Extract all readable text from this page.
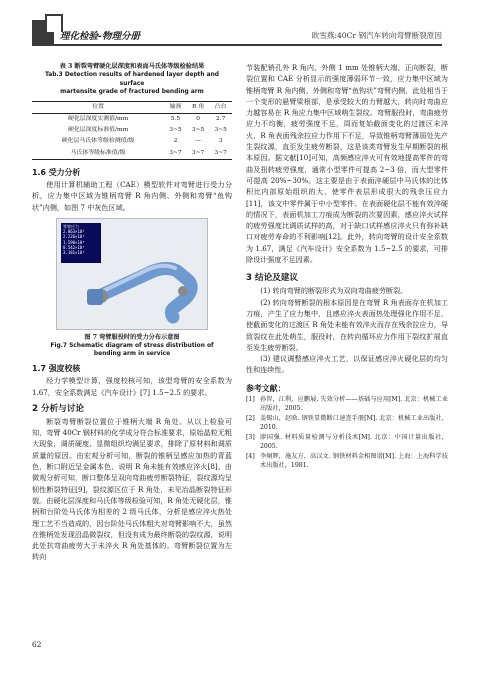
理化检验-物理分册	欧雪燕:40Cr 钢汽车转向弯臂断裂原因
表 3 断裂弯臂硬化层深度和表面马氏体等级检验结果
Tab.3 Detection results of hardened layer depth and surface
martensite grade of fractured bending arm
位置	轴颈	R 角	凸台
硬化层深度实测值/mm	5.5	0	2.7
硬化层深度标准值/mm	3~5	3~5	3~5
硬化层马氏体等级检测值/级	2	—	3
马氏体等级标准值/级	3~7	3~7	3~7
1.6 受力分析

使用计算机辅助工程（CAE）模型软件对弯臂进行受力分析，应力集中区域为锥柄弯臂 R 角内侧、外侧和弯臂“鱼钩状”内侧，如图 7 中灰色区域。

等效应力
2.863×10⁸
2.226×10⁸
1.590×10⁸
0.542×10⁸
3.181×10⁸
图 7 弯臂服役时的受力分布示意图
Fig.7 Schematic diagram of stress distribution of
bending arm in service
1.7 强度校核

经力学模型计算，强度校核可知，该型弯臂的安全系数为 1.67，安全系数满足《汽车设计》[7] 1.5~2.5 的要求。

2 分析与讨论

断裂弯臂断裂位置位于锥柄大端 R 角处。从以上检验可知，弯臂 40Cr 钢材料的化学成分符合标准要求，原始晶粒无粗大现象，调质硬度、显微组织均满足要求，排除了原材料和调质质量的原因。由宏观分析可知，断裂的锥柄呈感应加热的青蓝色，断口附近呈金属本色，说明 R 角未能有效感应淬火[8]。由微观分析可知，断口整体呈双向弯曲疲劳断裂特征，裂纹源均呈韧性断裂特征[9]，裂纹源区位于 R 角处，未见冶晶断裂特征形貌。由硬化层深度和马氏体等级检验可知，R 角处无硬化层，锥柄和台阶处马氏体为相差的 2 级马氏体，分析是感应淬火热处理工艺不当造成的，因台阶处马氏体粗大对弯臂影响不大，虽然在锥柄处发现沿晶微裂纹，但没有成为最终断裂的裂纹源，说明此处抗弯曲疲劳大于未淬火 R 角处基体的。弯臂断裂位置为左转向

62

节装配销孔外 R 角内、外侧 1 mm 处锥柄大端、正向断裂，断裂位置和 CAE 分析显示的强度薄弱环节一致，应力集中区域为锥柄弯臂 R 角内侧、外侧和弯臂“鱼钩状”弯臂内侧，此处相当于一个变形的悬臂梁根部，是承受较大的力臂越大，转向时弯曲应力越容易在 R 角应力集中区域萌生裂纹。弯臂服役时，弯曲疲劳应力不均衡，疲劳强度不足，周而复始截面变化的过渡区未淬火，R 角表面残余拉应力作用下不足，导致锥柄弯臂薄弱处先产生裂纹源，直至发生疲劳断裂，这是该类弯臂发生早期断裂的根本原因。据文献[10]可知，高频感应淬火可有效地提高零件的弯曲及扭转疲劳强度，通常小型零件可提高 2~3 倍，而大型零件可提高 20%~30%。这主要是由于表面淬硬层中马氏体的比体积比内部原始组织的大，使零件表层形成很大的残余压应力[11]，该文中零件属于中小型零件。在表面硬化层不能有效淬硬的情况下，表面机加工刀痕成为断裂的次要因素，感应淬火试样的疲劳强度比调质试样的高，对于缺口试样感应淬火只有弥补缺口对疲劳寿命的不利影响[12]。此外，转向弯臂的设计安全系数为 1.67，满足《汽车设计》安全系数为 1.5~2.5 的要求，可排除设计强度不足因素。

3 结论及建议

(1) 转向弯臂的断裂形式为双向弯曲疲劳断裂。

(2) 转向弯臂断裂的根本原因是在弯臂 R 角表面存在机加工刀痕，产生了应力集中，且感应淬火表面热处理强化作用不足，使截面变化的过渡区 R 角处未能有效淬火而存在残余拉应力，导致裂纹在此处萌生，服役时，在转向循环应力作用下裂纹扩展直至发生疲劳断裂。

(3) 建议调整感应淬火工艺，以保证感应淬火硬化层的均匀性和连续性。

参考文献：
[1] 孙智，江利，应鹏展. 失效分析——基础与应用[M]. 北京：机械工业出版社，2005.
[2] 姜锡山，赵晗. 钢铁显微断口速查手册[M]. 北京：机械工业出版社，2010.
[3] 廖国强. 材料质量检测与分析技术[M]. 北京：中国计量出版社，2005.
[4] 李炯辉，施友方，高汉文. 钢铁材料金相图谱[M]. 上海：上海科学技术出版社，1981.
